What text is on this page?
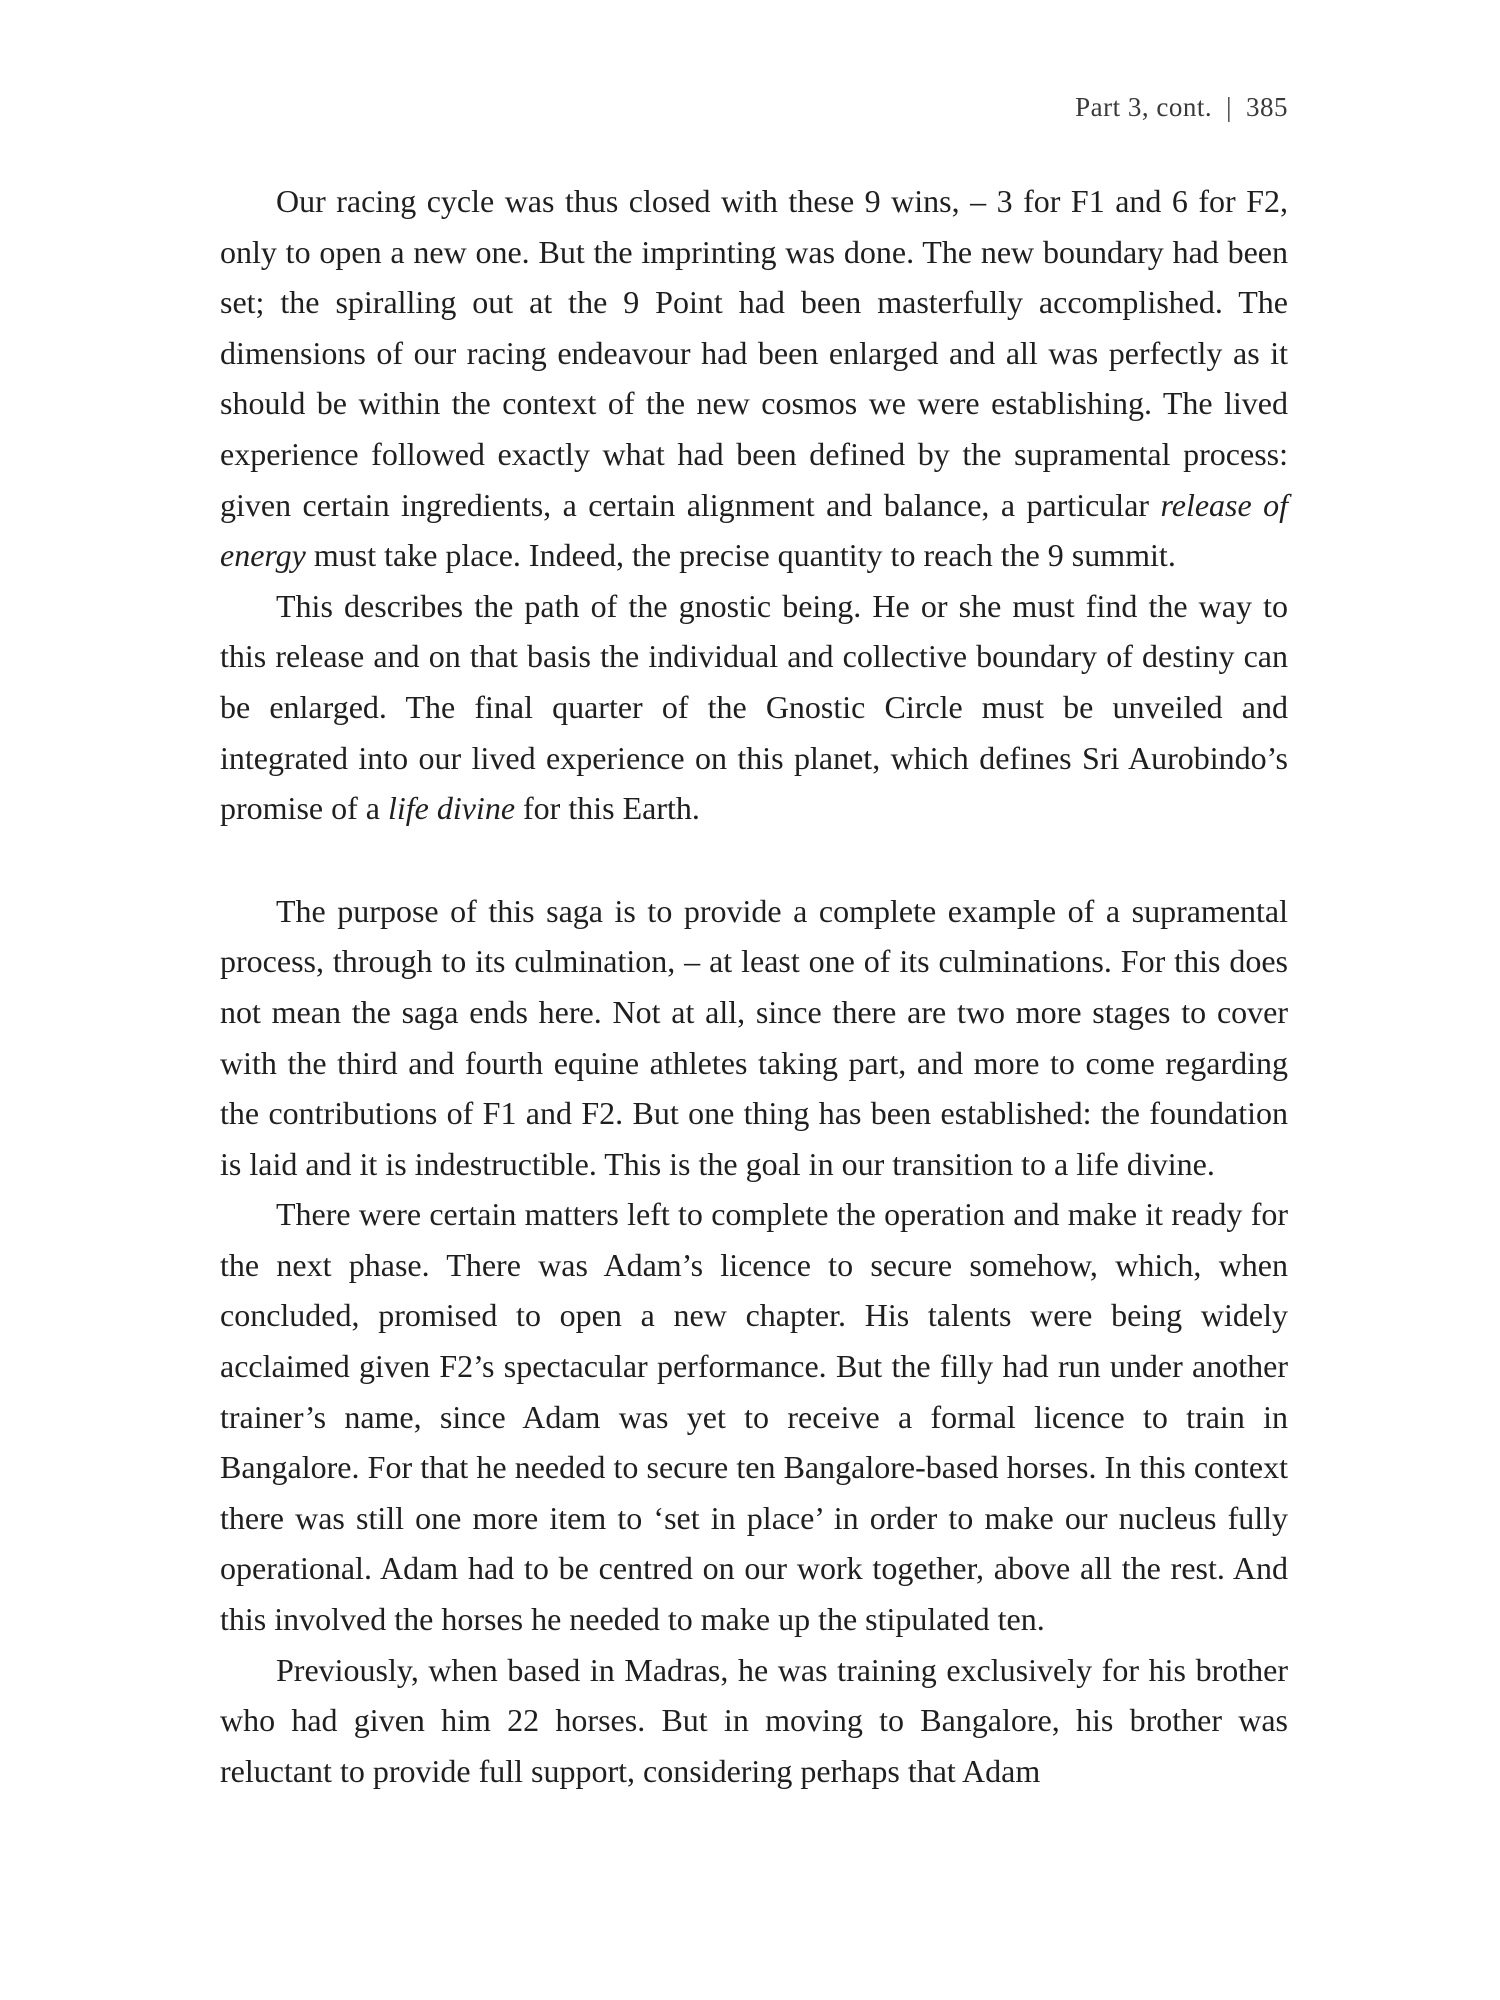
Part 3, cont. | 385

Our racing cycle was thus closed with these 9 wins, – 3 for F1 and 6 for F2, only to open a new one. But the imprinting was done. The new boundary had been set; the spiralling out at the 9 Point had been masterfully accomplished. The dimensions of our racing endeavour had been enlarged and all was perfectly as it should be within the context of the new cosmos we were establishing. The lived experience followed exactly what had been defined by the supramental process: given certain ingredients, a certain alignment and balance, a particular release of energy must take place. Indeed, the precise quantity to reach the 9 summit.

This describes the path of the gnostic being. He or she must find the way to this release and on that basis the individual and collective boundary of destiny can be enlarged. The final quarter of the Gnostic Circle must be unveiled and integrated into our lived experience on this planet, which defines Sri Aurobindo’s promise of a life divine for this Earth.

The purpose of this saga is to provide a complete example of a supramental process, through to its culmination, – at least one of its culminations. For this does not mean the saga ends here. Not at all, since there are two more stages to cover with the third and fourth equine athletes taking part, and more to come regarding the contributions of F1 and F2. But one thing has been established: the foundation is laid and it is indestructible. This is the goal in our transition to a life divine.

There were certain matters left to complete the operation and make it ready for the next phase. There was Adam’s licence to secure somehow, which, when concluded, promised to open a new chapter. His talents were being widely acclaimed given F2’s spectacular performance. But the filly had run under another trainer’s name, since Adam was yet to receive a formal licence to train in Bangalore. For that he needed to secure ten Bangalore-based horses. In this context there was still one more item to ‘set in place’ in order to make our nucleus fully operational. Adam had to be centred on our work together, above all the rest. And this involved the horses he needed to make up the stipulated ten.

Previously, when based in Madras, he was training exclusively for his brother who had given him 22 horses. But in moving to Bangalore, his brother was reluctant to provide full support, considering perhaps that Adam
